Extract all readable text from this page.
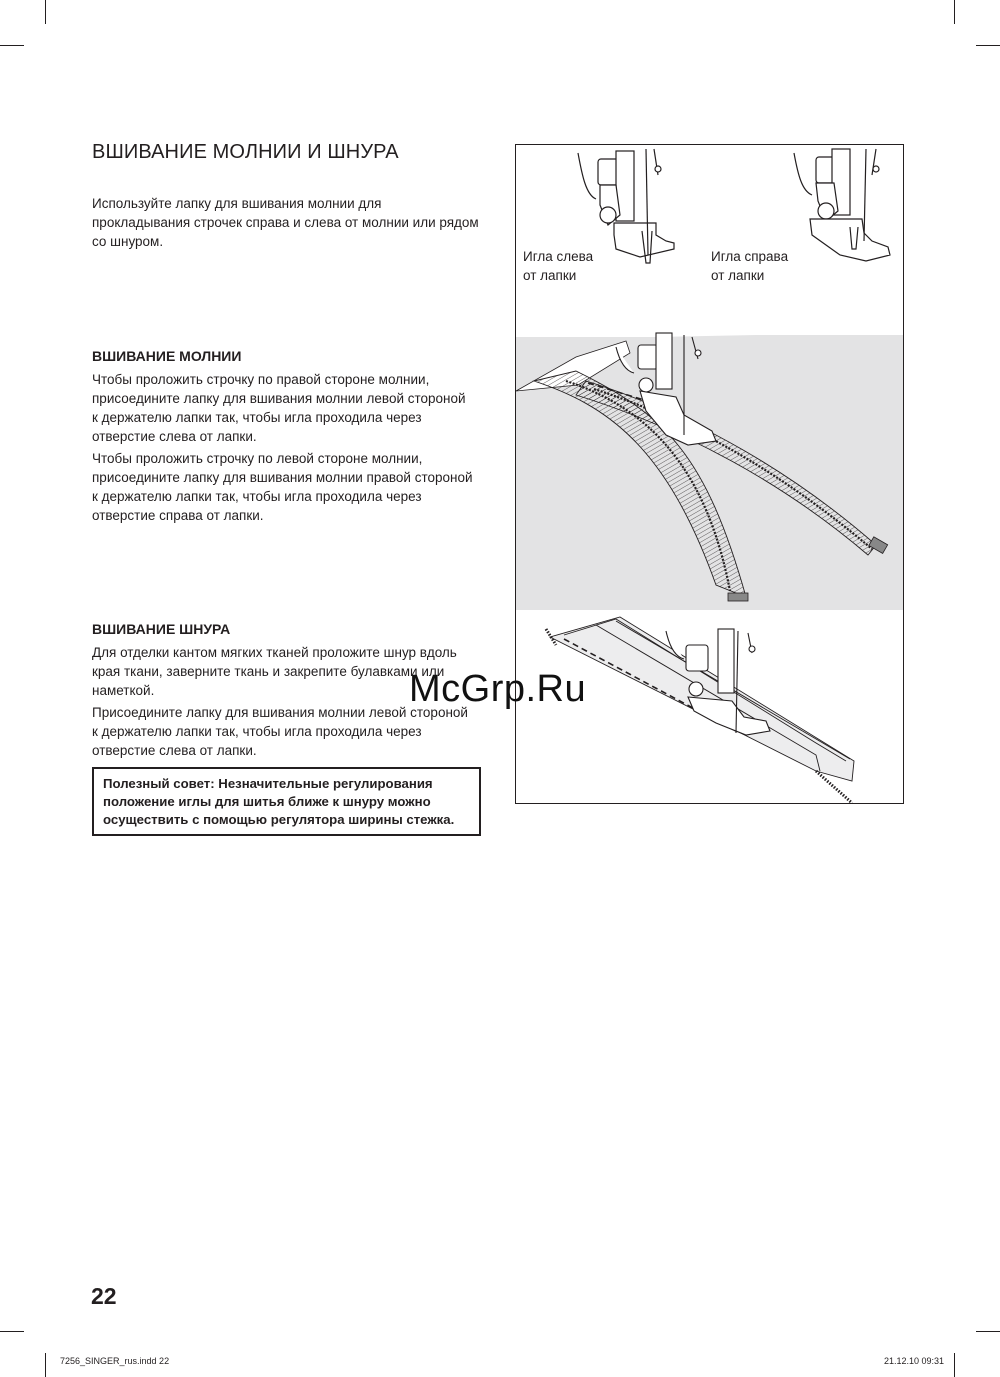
ВШИВАНИЕ МОЛНИИ И ШНУРА

Используйте лапку для вшивания молнии для
прокладывания строчек справа и слева от молнии или рядом
со шнуром.

ВШИВАНИЕ МОЛНИИ

Чтобы проложить строчку по правой стороне молнии,
присоедините лапку для вшивания молнии левой стороной
к держателю лапки так, чтобы игла проходила через
отверстие слева от лапки.

Чтобы проложить строчку по левой стороне молнии,
присоедините лапку для вшивания молнии правой стороной
к держателю лапки так, чтобы игла проходила через
отверстие справа от лапки.

ВШИВАНИЕ ШНУРА

Для отделки кантом мягких тканей проложите шнур вдоль
края ткани, заверните ткань и закрепите булавками или
наметкой.

Присоедините лапку для вшивания молнии левой стороной
к держателю лапки так, чтобы игла проходила через
отверстие слева от лапки.

Полезный совет: Незначительные регулирования
положение иглы для шитья ближе к шнуру можно
осуществить с помощью регулятора ширины стежка.
Игла слева
от лапки
Игла справа
от лапки
McGrp.Ru
22
7256_SINGER_rus.indd 22	21.12.10 09:31
